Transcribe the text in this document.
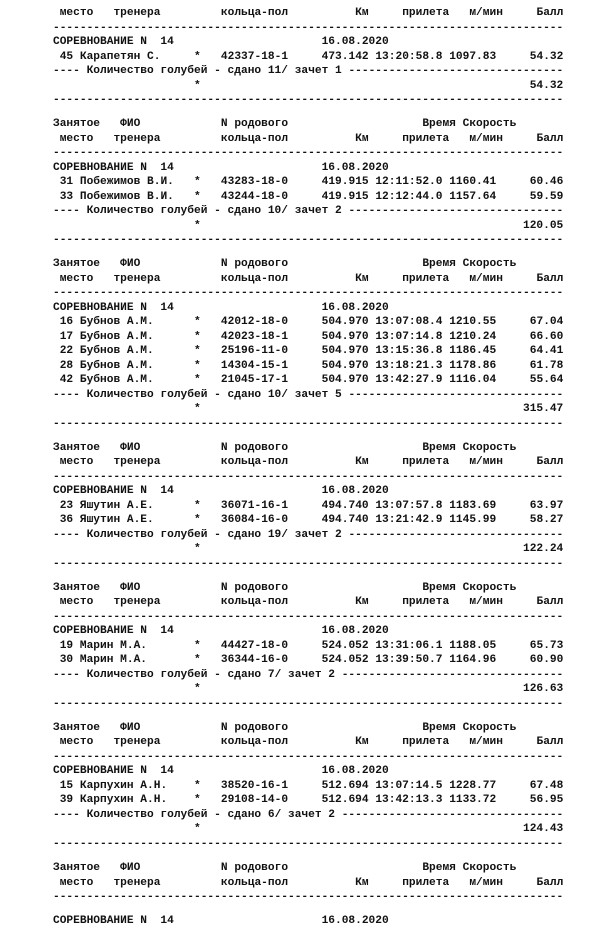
место тренера	кольца-пол	Км	прилета м/мин	Балл
----------------------------------------------------------------------------
СОРЕВНОВАНИЕ N  14	16.08.2020
45 Карапетян С.	* 42337-18-1	473.142 13:20:58.8 1097.83	54.32
---- Количество голубей - сдано 11/ зачет 1 --------------------------------
*	54.32
----------------------------------------------------------------------------
Занятое ФИО	N родового	Время Скорость
место тренера	кольца-пол	Км	прилета м/мин	Балл
----------------------------------------------------------------------------
СОРЕВНОВАНИЕ N  14	16.08.2020
31 Побежимов В.И. * 43283-18-0	419.915 12:11:52.0 1160.41	60.46
33 Побежимов В.И. * 43244-18-0	419.915 12:12:44.0 1157.64	59.59
---- Количество голубей - сдано 10/ зачет 2 --------------------------------
*	120.05
----------------------------------------------------------------------------
Занятое ФИО	N родового	Время Скорость
место тренера	кольца-пол	Км	прилета м/мин	Балл
----------------------------------------------------------------------------
СОРЕВНОВАНИЕ N  14	16.08.2020
16 Бубнов А.М.	* 42012-18-0	504.970 13:07:08.4 1210.55	67.04
17 Бубнов А.М.	* 42023-18-1	504.970 13:07:14.8 1210.24	66.60
22 Бубнов А.М.	* 25196-11-0	504.970 13:15:36.8 1186.45	64.41
28 Бубнов А.М.	* 14304-15-1	504.970 13:18:21.3 1178.86	61.78
42 Бубнов А.М.	* 21045-17-1	504.970 13:42:27.9 1116.04	55.64
---- Количество голубей - сдано 10/ зачет 5 --------------------------------
*	315.47
----------------------------------------------------------------------------
Занятое ФИО	N родового	Время Скорость
место тренера	кольца-пол	Км	прилета м/мин	Балл
----------------------------------------------------------------------------
СОРЕВНОВАНИЕ N  14	16.08.2020
23 Яшутин А.Е.	* 36071-16-1	494.740 13:07:57.8 1183.69	63.97
36 Яшутин А.Е.	* 36084-16-0	494.740 13:21:42.9 1145.99	58.27
---- Количество голубей - сдано 19/ зачет 2 --------------------------------
*	122.24
----------------------------------------------------------------------------
Занятое ФИО	N родового	Время Скорость
место тренера	кольца-пол	Км	прилета м/мин	Балл
----------------------------------------------------------------------------
СОРЕВНОВАНИЕ N  14	16.08.2020
19 Марин М.А.	* 44427-18-0	524.052 13:31:06.1 1188.05	65.73
30 Марин М.А.	* 36344-16-0	524.052 13:39:50.7 1164.96	60.90
---- Количество голубей - сдано 7/ зачет 2 ---------------------------------
*	126.63
----------------------------------------------------------------------------
Занятое ФИО	N родового	Время Скорость
место тренера	кольца-пол	Км	прилета м/мин	Балл
----------------------------------------------------------------------------
СОРЕВНОВАНИЕ N  14	16.08.2020
15 Карпухин А.Н. * 38520-16-1	512.694 13:07:14.5 1228.77	67.48
39 Карпухин А.Н. * 29108-14-0	512.694 13:42:13.3 1133.72	56.95
---- Количество голубей - сдано 6/ зачет 2 ---------------------------------
*	124.43
----------------------------------------------------------------------------
Занятое ФИО	N родового	Время Скорость
место тренера	кольца-пол	Км	прилета м/мин	Балл
----------------------------------------------------------------------------
СОРЕВНОВАНИЕ N  14	16.08.2020
